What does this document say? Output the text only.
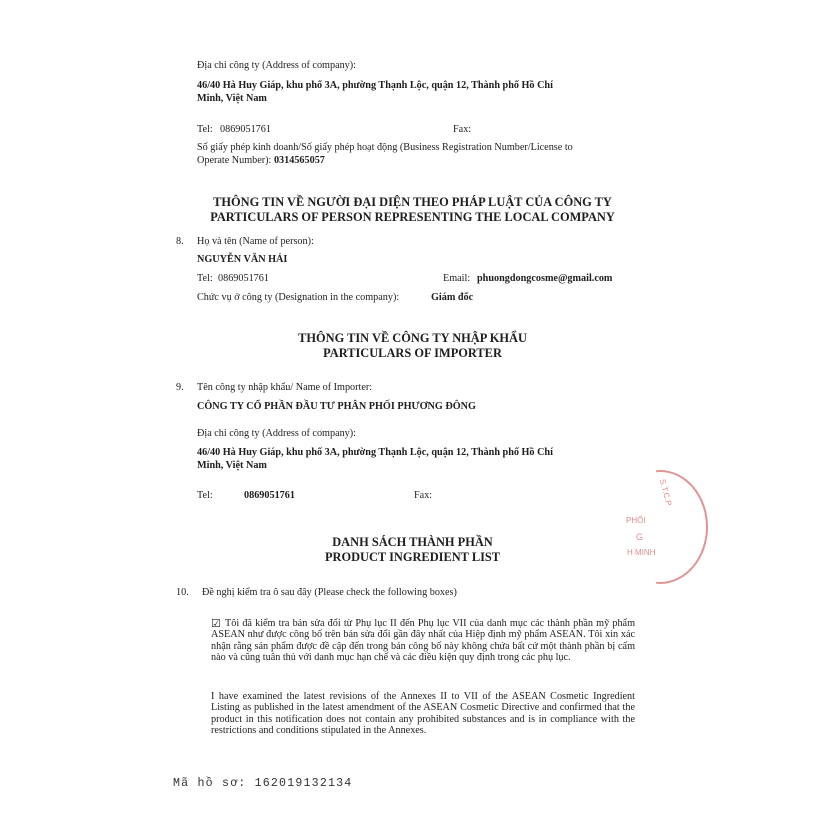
Địa chỉ công ty (Address of company):
46/40 Hà Huy Giáp, khu phố 3A, phường Thạnh Lộc, quận 12, Thành phố Hồ Chí
Minh, Việt Nam
Tel: 0869051761	Fax:
Số giấy phép kinh doanh/Số giấy phép hoạt động (Business Registration Number/License to
Operate Number): 0314565057
THÔNG TIN VỀ NGƯỜI ĐẠI DIỆN THEO PHÁP LUẬT CỦA CÔNG TY
PARTICULARS OF PERSON REPRESENTING THE LOCAL COMPANY
8. Họ và tên (Name of person):
NGUYỄN VĂN HẢI
Tel: 0869051761	Email: phuongdongcosme@gmail.com
Chức vụ ở công ty (Designation in the company):	Giám đốc
THÔNG TIN VỀ CÔNG TY NHẬP KHẨU
PARTICULARS OF IMPORTER
9. Tên công ty nhập khẩu/ Name of Importer:
CÔNG TY CỔ PHẦN ĐẦU TƯ PHÂN PHỐI PHƯƠNG ĐÔNG
Địa chỉ công ty (Address of company):
46/40 Hà Huy Giáp, khu phố 3A, phường Thạnh Lộc, quận 12, Thành phố Hồ Chí
Minh, Việt Nam
Tel:	0869051761	Fax:	S.T.C.P
PHỐI
G
H MINH
DANH SÁCH THÀNH PHẦN
PRODUCT INGREDIENT LIST
10. Đề nghị kiểm tra ô sau đây (Please check the following boxes)
☑ Tôi đã kiểm tra bản sửa đổi từ Phụ lục II đến Phụ lục VII của danh mục các thành phần mỹ phẩm ASEAN như được công bố trên bản sửa đổi gần đây nhất của Hiệp định mỹ phẩm ASEAN. Tôi xin xác nhận rằng sản phẩm được đề cập đến trong bản công bố này không chứa bất cứ một thành phần bị cấm nào và cũng tuân thủ với danh mục hạn chế và các điều kiện quy định trong các phụ lục.
I have examined the latest revisions of the Annexes II to VII of the ASEAN Cosmetic Ingredient Listing as published in the latest amendment of the ASEAN Cosmetic Directive and confirmed that the product in this notification does not contain any prohibited substances and is in compliance with the restrictions and conditions stipulated in the Annexes.
Mã hồ sơ: 162019132134
